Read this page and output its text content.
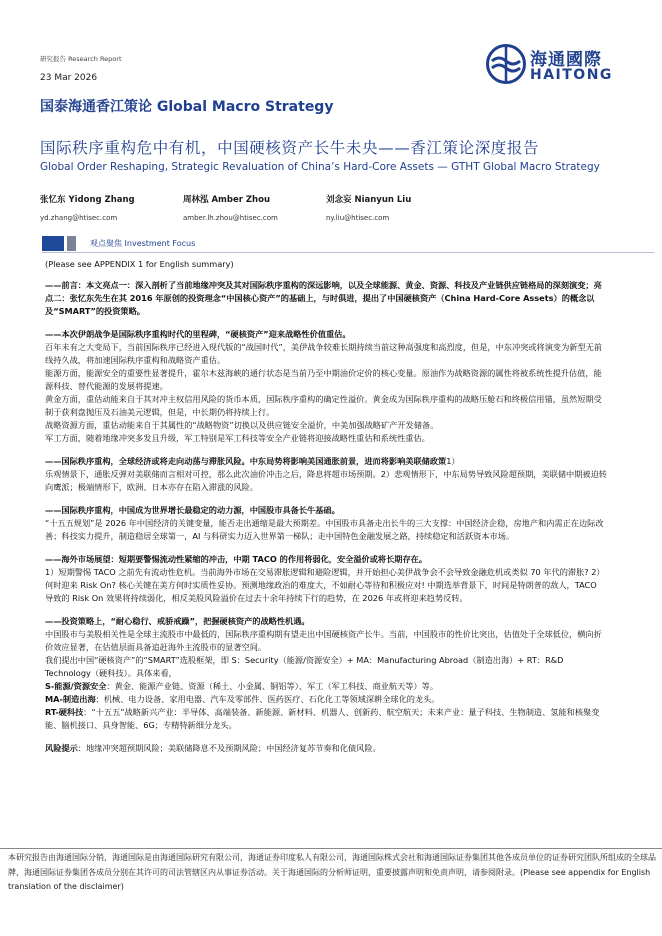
研究报告 Research Report
23 Mar 2026
海通國際
HAITONG
国泰海通香江策论 Global Macro Strategy
国际秩序重构危中有机，中国硬核资产长牛未央——香江策论深度报告
Global Order Reshaping, Strategic Revaluation of China’s Hard-Core Assets — GTHT Global Macro Strategy
张忆东 Yidong Zhang
yd.zhang@htisec.com
周林泓 Amber Zhou
amber.lh.zhou@htisec.com
刘念妄 Nianyun Liu
ny.liu@htisec.com
观点聚焦 Investment Focus

(Please see APPENDIX 1 for English summary)

——前言：本文亮点一：深入剖析了当前地缘冲突及其对国际秩序重构的深远影响，以及全球能源、黄金、资源、科技及产业链供应链格局的深刻演变；亮点二：张忆东先生在其 2016 年原创的投资理念“中国核心资产”的基础上，与时俱进，提出了中国硬核资产（China Hard-Core Assets）的概念以及“SMART”的投资策略。

——本次伊朗战争是国际秩序重构时代的里程碑，“硬核资产”迎来战略性价值重估。

百年未有之大变局下，当前国际秩序已经进入现代版的“战国时代”，美伊战争较难长期持续当前这种高强度和高烈度，但是，中东冲突或将演变为新型无前线持久战，将加速国际秩序重构和战略资产重估。

能源方面，能源安全的重要性显著提升，霍尔木兹海峡的通行状态是当前乃至中期油价定价的核心变量。原油作为战略资源的属性将被系统性提升估值，能源科技、替代能源的发展将提速。

黄金方面，重估动能来自于其对冲主权信用风险的货币本质，国际秩序重构的确定性溢价。黄金成为国际秩序重构的战略压舱石和终极信用锚，虽然短期受制于获利盘抛压及石油美元逻辑，但是，中长期仍将持续上行。

战略资源方面，重估动能来自于其属性的“战略物资”切换以及供应链安全溢价，中美加强战略矿产开发储备。

军工方面，随着地缘冲突多发且升级，军工特别是军工科技等安全产业链将迎接战略性重估和系统性重估。

——国际秩序重构，全球经济或将走向动荡与滞胀风险。中东局势将影响美国通胀前景，进而将影响美联储政策1）

乐观情景下，通胀反弹对美联储而言相对可控，那么此次油价冲击之后，降息将超市场预期。2）悲观情形下，中东局势导致风险超预期，美联储中期被迫转向鹰派；极端情形下，欧洲、日本亦存在陷入滞涨的风险。

——国际秩序重构，中国成为世界增长最稳定的动力源，中国股市具备长牛基础。

“十五五规划”是 2026 年中国经济的关键变量，能否走出通缩是最大预期差。中国股市具备走出长牛的三大支撑：中国经济企稳，房地产和内需正在边际改善；科技实力提升，制造稳居全球第一，AI 与科研实力迈入世界第一梯队；走中国特色金融发展之路，持续稳定和活跃资本市场。

——海外市场展望：短期要警惕流动性紧缩的冲击，中期 TACO 的作用将弱化，安全溢价或将长期存在。

1）短期警惕 TACO 之前先有流动性危机。当前海外市场在交易滞胀逻辑和避险逻辑，并开始担心美伊战争会不会导致金融危机或类似 70 年代的滞胀? 2）何时迎来 Risk On? 核心关键在美方何时实质性妥协。预测地缘政治的难度大，不如耐心等待和积极应对! 中期选举背景下，时间是特朗普的敌人，TACO 导致的 Risk On 效果将持续弱化，相反美股风险溢价在过去十余年持续下行的趋势，在 2026 年或将迎来趋势反转。

——投资策略上，“耐心稳行、戒骄戒躁”，把握硬核资产的战略性机遇。

中国股市与美股相关性是全球主流股市中最低的，国际秩序重构期有望走出中国硬核资产长牛。当前，中国股市的性价比突出，估值处于全球低位，横向折价效应显著，在估值层面具备追赶海外主流股市的显著空间。

我们提出中国“硬核资产”的“SMART”选股框架，即 S：Security（能源/资源安全）+ MA：Manufacturing Abroad（制造出海）+ RT：R&D Technology（硬科技）。具体来看，

S-能源/资源安全：黄金、能源产业链、资源（稀土、小金属、铜铝等）、军工（军工科技、商业航天等）等。

MA-制造出海：机械、电力设备、家用电器、汽车及零部件、医药医疗、石化化工等领域深耕全球化的龙头。

RT-硬科技：“十五五”战略新兴产业：半导体、高端装备、新能源、新材料、机器人、创新药、航空航天；未来产业：量子科技、生物制造、氢能和核聚变能、脑机接口、具身智能、6G；专精特新细分龙头。

风险提示：地缘冲突超预期风险；美联储降息不及预期风险；中国经济复苏节奏和化债风险。

本研究报告由海通国际分销，海通国际是由海通国际研究有限公司，海通证券印度私人有限公司，海通国际株式会社和海通国际证券集团其他各成员单位的证券研究团队所组成的全球品牌，海通国际证券集团各成员分别在其许可的司法管辖区内从事证券活动。关于海通国际的分析师证明，重要披露声明和免责声明，请参阅附录。(Please see appendix for English translation of the disclaimer)
